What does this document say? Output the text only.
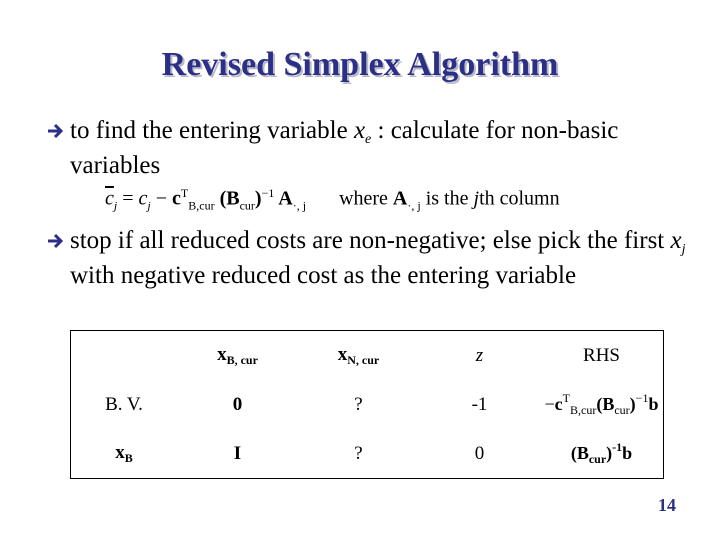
Revised Simplex Algorithm
to find the entering variable $x_e$ : calculate for non-basic variables
$\overline{c}_j = c_j - c^T_{B,cur}$ $(B_{cur})^{-1}$ $A_{\cdot, j}$ where $A_{\cdot, j}$ is the jth column
stop if all reduced costs are non-negative; else pick the first $x_j$ with negative reduced cost as the entering variable
	$x_{B, cur}$	$x_{N, cur}$	z	RHS
B. V.	0	?	-1	$-c^T_{B,cur}(B_{cur})^{-1}b$
$x_B$	I	?	0	$(B_{cur})^{-1}b$
14
